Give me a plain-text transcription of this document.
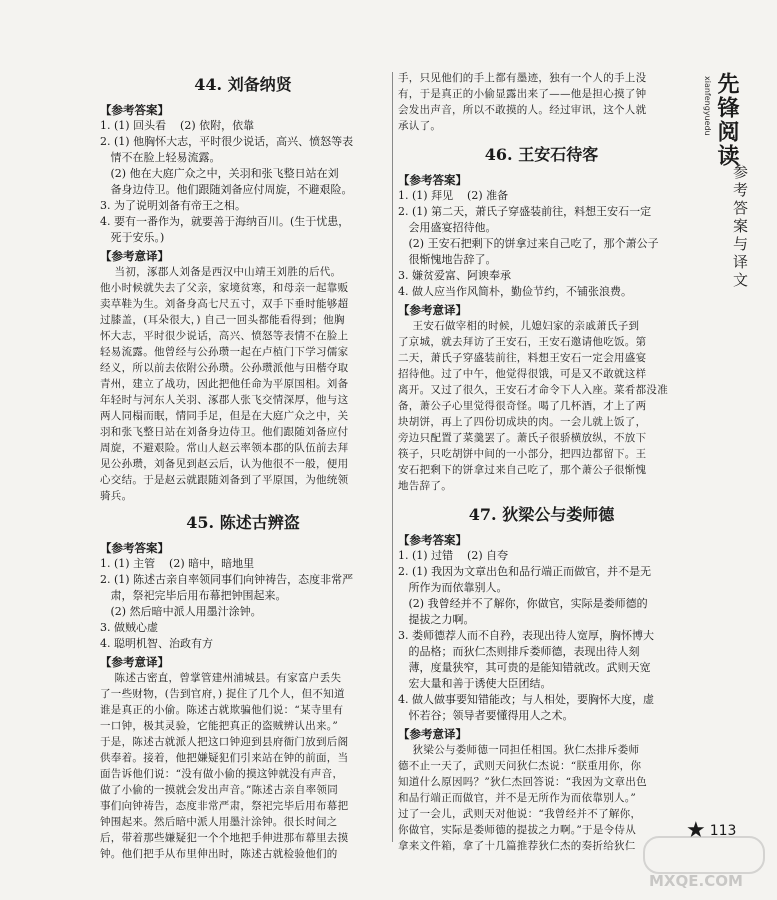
44. 刘备纳贤
【参考答案】
1. (1) 回头看    (2) 依附，依靠
2. (1) 他胸怀大志，平时很少说话，高兴、愤怒等表
情不在脸上轻易流露。
(2) 他在大庭广众之中，关羽和张飞整日站在刘
备身边侍卫。他们跟随刘备应付周旋，不避艰险。
3. 为了说明刘备有帝王之相。
4. 要有一番作为，就要善于海纳百川。(生于忧患，
死于安乐。)
【参考意译】
当初，涿郡人刘备是西汉中山靖王刘胜的后代。
他小时候就失去了父亲，家境贫寒，和母亲一起靠贩
卖草鞋为生。刘备身高七尺五寸，双手下垂时能够超
过膝盖，(耳朵很大，) 自己一回头都能看得到；他胸
怀大志，平时很少说话，高兴、愤怒等表情不在脸上
轻易流露。他曾经与公孙瓒一起在卢植门下学习儒家
经义，所以前去依附公孙瓒。公孙瓒派他与田楷夺取
青州，建立了战功，因此把他任命为平原国相。刘备
年轻时与河东人关羽、涿郡人张飞交情深厚，他与这
两人同榻而眠，情同手足，但是在大庭广众之中，关
羽和张飞整日站在刘备身边侍卫。他们跟随刘备应付
周旋，不避艰险。常山人赵云率领本郡的队伍前去拜
见公孙瓒，刘备见到赵云后，认为他很不一般，便用
心交结。于是赵云就跟随刘备到了平原国，为他统领
骑兵。
45. 陈述古辨盗
【参考答案】
1. (1) 主管    (2) 暗中，暗地里
2. (1) 陈述古亲自率领同事们向钟祷告，态度非常严
肃，祭祀完毕后用布幕把钟围起来。
(2) 然后暗中派人用墨汁涂钟。
3. 做贼心虚
4. 聪明机智、治政有方
【参考意译】
陈述古密直，曾掌管建州浦城县。有家富户丢失
了一些财物，(告到官府，) 捉住了几个人，但不知道
谁是真正的小偷。陈述古就欺骗他们说：“某寺里有
一口钟，极其灵验，它能把真正的盗贼辨认出来。”
于是，陈述古就派人把这口钟迎到县府衙门放到后阁
供奉着。接着，他把嫌疑犯们引来站在钟的前面，当
面告诉他们说：“没有做小偷的摸这钟就没有声音，
做了小偷的一摸就会发出声音。”陈述古亲自率领同
事们向钟祷告，态度非常严肃，祭祀完毕后用布幕把
钟围起来。然后暗中派人用墨汁涂钟。很长时间之
后，带着那些嫌疑犯一个个地把手伸进那布幕里去摸
钟。他们把手从布里伸出时，陈述古就检验他们的
手，只见他们的手上都有墨迹，独有一个人的手上没
有，于是真正的小偷显露出来了——他是担心摸了钟
会发出声音，所以不敢摸的人。经过审讯，这个人就
承认了。
46. 王安石待客
【参考答案】
1. (1) 拜见    (2) 准备
2. (1) 第二天，萧氏子穿盛装前往，料想王安石一定
会用盛宴招待他。
(2) 王安石把剩下的饼拿过来自己吃了，那个萧公子
很惭愧地告辞了。
3. 嫌贫爱富、阿谀奉承
4. 做人应当作风简朴，勤俭节约，不铺张浪费。
【参考意译】
王安石做宰相的时候，儿媳妇家的亲戚萧氏子到
了京城，就去拜访了王安石，王安石邀请他吃饭。第
二天，萧氏子穿盛装前往，料想王安石一定会用盛宴
招待他。过了中午，他觉得很饿，可是又不敢就这样
离开。又过了很久，王安石才命令下人入座。菜肴都没准
备，萧公子心里觉得很奇怪。喝了几杯酒，才上了两
块胡饼，再上了四份切成块的肉。一会儿就上饭了，
旁边只配置了菜羹罢了。萧氏子很骄横放纵，不放下
筷子，只吃胡饼中间的一小部分，把四边都留下。王
安石把剩下的饼拿过来自己吃了，那个萧公子很惭愧
地告辞了。
47. 狄梁公与娄师德
【参考答案】
1. (1) 过错    (2) 自夸
2. (1) 我因为文章出色和品行端正而做官，并不是无
所作为而依靠别人。
(2) 我曾经并不了解你，你做官，实际是娄师德的
提拔之力啊。
3. 娄师德荐人而不自矜，表现出待人宽厚，胸怀博大
的品格；而狄仁杰则排斥娄师德，表现出待人刻
薄，度量狭窄，其可贵的是能知错就改。武则天宽
宏大量和善于诱使大臣团结。
4. 做人做事要知错能改；与人相处，要胸怀大度，虚
怀若谷；领导者要懂得用人之术。
【参考意译】
狄梁公与娄师德一同担任相国。狄仁杰排斥娄师
德不止一天了，武则天问狄仁杰说：“朕重用你，你
知道什么原因吗？”狄仁杰回答说：“我因为文章出色
和品行端正而做官，并不是无所作为而依靠别人。”
过了一会儿，武则天对他说：“我曾经并不了解你，
你做官，实际是娄师德的提拔之力啊。”于是令侍从
拿来文件箱，拿了十几篇推荐狄仁杰的奏折给狄仁
先锋阅读
xianfengyuedu
参考答案与译文
★ 113
MXQE.COM
